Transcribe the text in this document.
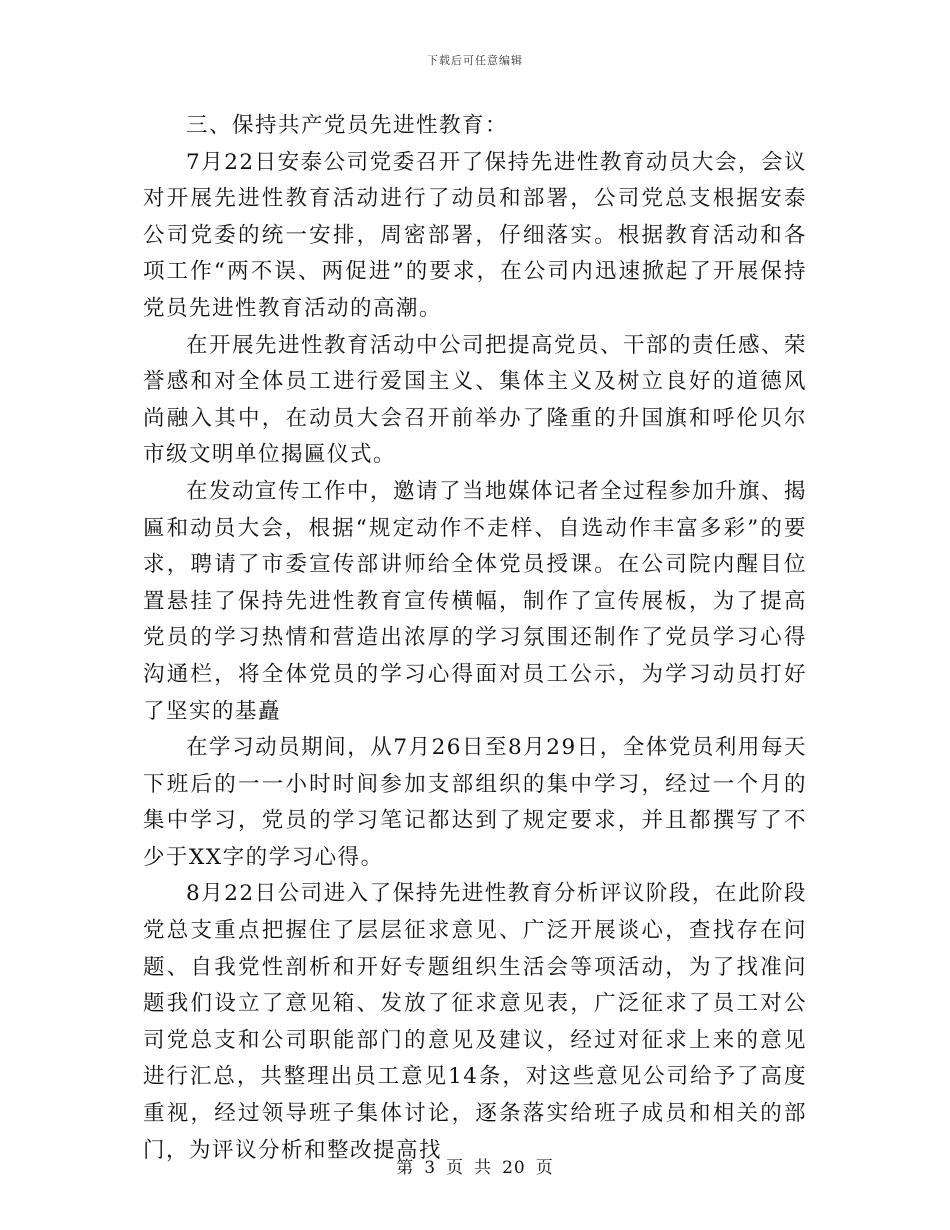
下载后可任意编辑

三、保持共产党员先进性教育：

7月22日安泰公司党委召开了保持先进性教育动员大会，会议对开展先进性教育活动进行了动员和部署，公司党总支根据安泰公司党委的统一安排，周密部署，仔细落实。根据教育活动和各项工作“两不误、两促进”的要求，在公司内迅速掀起了开展保持党员先进性教育活动的高潮。

在开展先进性教育活动中公司把提高党员、干部的责任感、荣誉感和对全体员工进行爱国主义、集体主义及树立良好的道德风尚融入其中，在动员大会召开前举办了隆重的升国旗和呼伦贝尔市级文明单位揭匾仪式。

在发动宣传工作中，邀请了当地媒体记者全过程参加升旗、揭匾和动员大会，根据“规定动作不走样、自选动作丰富多彩”的要求，聘请了市委宣传部讲师给全体党员授课。在公司院内醒目位置悬挂了保持先进性教育宣传横幅，制作了宣传展板，为了提高党员的学习热情和营造出浓厚的学习氛围还制作了党员学习心得沟通栏，将全体党员的学习心得面对员工公示，为学习动员打好了坚实的基矗

在学习动员期间，从7月26日至8月29日，全体党员利用每天下班后的一一小时时间参加支部组织的集中学习，经过一个月的集中学习，党员的学习笔记都达到了规定要求，并且都撰写了不少于XX字的学习心得。

8月22日公司进入了保持先进性教育分析评议阶段，在此阶段党总支重点把握住了层层征求意见、广泛开展谈心，查找存在问题、自我党性剖析和开好专题组织生活会等项活动，为了找准问题我们设立了意见箱、发放了征求意见表，广泛征求了员工对公司党总支和公司职能部门的意见及建议，经过对征求上来的意见进行汇总，共整理出员工意见14条，对这些意见公司给予了高度重视，经过领导班子集体讨论，逐条落实给班子成员和相关的部门，为评议分析和整改提高找

第 3 页 共 20 页
